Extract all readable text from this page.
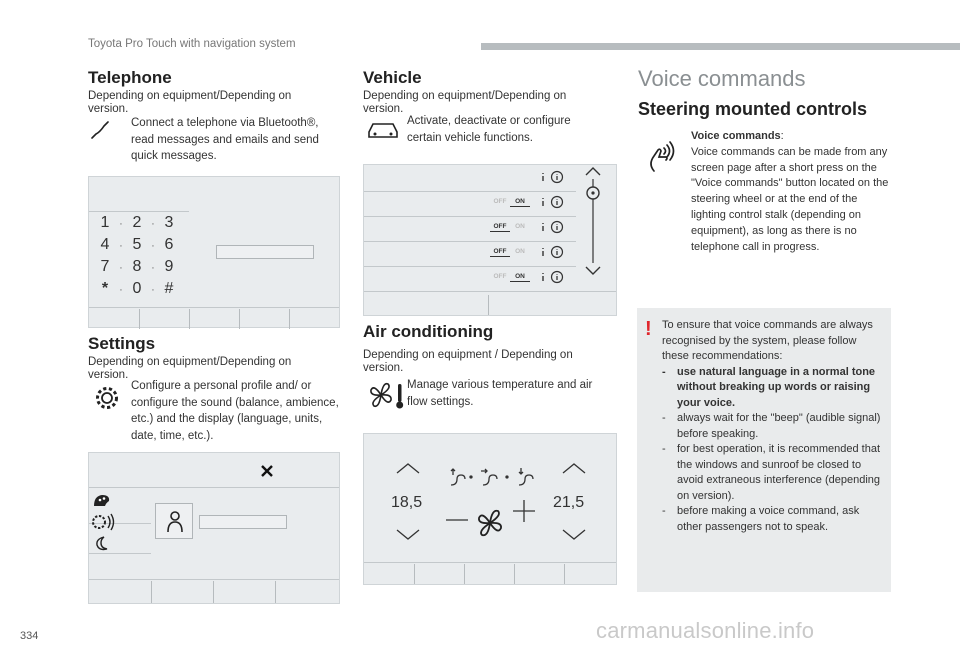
Toyota Pro Touch with navigation system
Telephone
Depending on equipment/Depending on version.
Connect a telephone via Bluetooth®, read messages and emails and send quick messages.
1 · 2 · 3
4 · 5 · 6
7 · 8 · 9
* · 0 · #
Settings
Depending on equipment/Depending on version.
Configure a personal profile and/ or configure the sound (balance, ambience, etc.) and the display (language, units, date, time, etc.).
Vehicle
Depending on equipment/Depending on version.
Activate, deactivate or configure certain vehicle functions.
OFF	ON
OFF	ON
OFF	ON
OFF	ON
Air conditioning
Depending on equipment / Depending on version.
Manage various temperature and air flow settings.
18,5	21,5
Voice commands
Steering mounted controls
Voice commands:
Voice commands can be made from any screen page after a short press on the "Voice commands" button located on the steering wheel or at the end of the lighting control stalk (depending on equipment), as long as there is no telephone call in progress.
! To ensure that voice commands are always recognised by the system, please follow these recommendations:
- use natural language in a normal tone without breaking up words or raising your voice.
- always wait for the "beep" (audible signal) before speaking.
- for best operation, it is recommended that the windows and sunroof be closed to avoid extraneous interference (depending on version).
- before making a voice command, ask other passengers not to speak.
334	carmanualsonline.info
